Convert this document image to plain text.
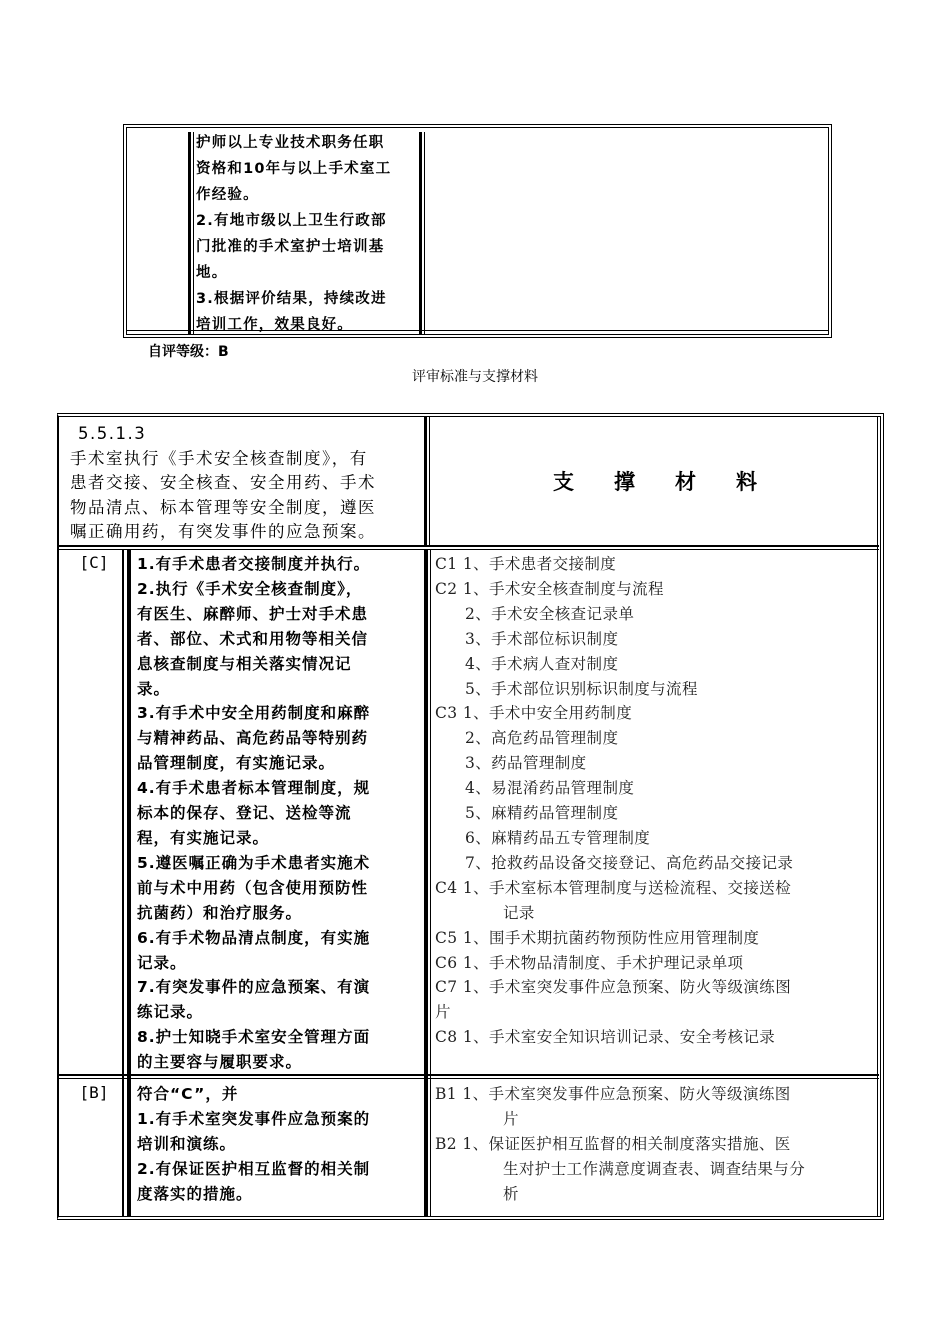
护师以上专业技术职务任职
资格和10年与以上手术室工
作经验。
2.有地市级以上卫生行政部
门批准的手术室护士培训基
地。
3.根据评价结果，持续改进
培训工作，效果良好。
自评等级：B
评审标准与支撑材料
5.5.1.3
手术室执行《手术安全核查制度》，有
患者交接、安全核查、安全用药、手术
物品清点、标本管理等安全制度，遵医
嘱正确用药，有突发事件的应急预案。
支 撑 材 料
[C]	1.有手术患者交接制度并执行。
2.执行《手术安全核查制度》，
有医生、麻醉师、护士对手术患
者、部位、术式和用物等相关信
息核查制度与相关落实情况记
录。
3.有手术中安全用药制度和麻醉
与精神药品、高危药品等特别药
品管理制度，有实施记录。
4.有手术患者标本管理制度，规
标本的保存、登记、送检等流
程，有实施记录。
5.遵医嘱正确为手术患者实施术
前与术中用药（包含使用预防性
抗菌药）和治疗服务。
6.有手术物品清点制度，有实施
记录。
7.有突发事件的应急预案、有演
练记录。
8.护士知晓手术室安全管理方面
的主要容与履职要求。
C1 1、手术患者交接制度
C2 1、手术安全核查制度与流程
2、手术安全核查记录单
3、手术部位标识制度
4、手术病人查对制度
5、手术部位识别标识制度与流程
C3 1、手术中安全用药制度
2、高危药品管理制度
3、药品管理制度
4、易混淆药品管理制度
5、麻精药品管理制度
6、麻精药品五专管理制度
7、抢救药品设备交接登记、高危药品交接记录
C4 1、手术室标本管理制度与送检流程、交接送检
记录
C5 1、围手术期抗菌药物预防性应用管理制度
C6 1、手术物品清制度、手术护理记录单项
C7 1、手术室突发事件应急预案、防火等级演练图
片
C8 1、手术室安全知识培训记录、安全考核记录
[B]	符合“C”，并
1.有手术室突发事件应急预案的
培训和演练。
2.有保证医护相互监督的相关制
度落实的措施。
B1 1、手术室突发事件应急预案、防火等级演练图
片
B2 1、保证医护相互监督的相关制度落实措施、医
生对护士工作满意度调查表、调查结果与分
析
